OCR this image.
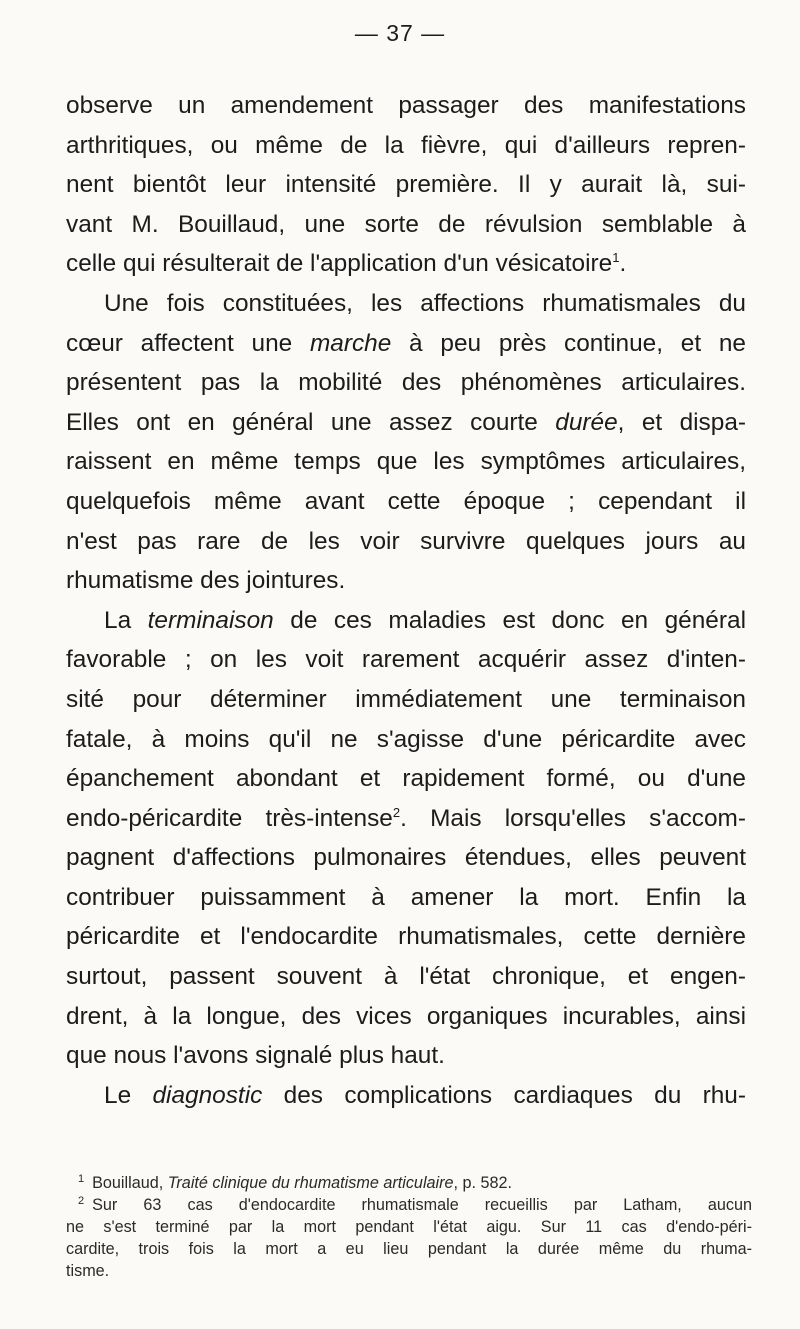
— 37 —
observe un amendement passager des manifestations
arthritiques, ou même de la fièvre, qui d'ailleurs repren-
nent bientôt leur intensité première. Il y aurait là, sui-
vant M. Bouillaud, une sorte de révulsion semblable à
celle qui résulterait de l'application d'un vésicatoire$^1$.
Une fois constituées, les affections rhumatismales du
cœur affectent une marche à peu près continue, et ne
présentent pas la mobilité des phénomènes articulaires.
Elles ont en général une assez courte durée, et dispa-
raissent en même temps que les symptômes articulaires,
quelquefois même avant cette époque ; cependant il
n'est pas rare de les voir survivre quelques jours au
rhumatisme des jointures.
La terminaison de ces maladies est donc en général
favorable ; on les voit rarement acquérir assez d'inten-
sité pour déterminer immédiatement une terminaison
fatale, à moins qu'il ne s'agisse d'une péricardite avec
épanchement abondant et rapidement formé, ou d'une
endo-péricardite très-intense$^2$. Mais lorsqu'elles s'accom-
pagnent d'affections pulmonaires étendues, elles peuvent
contribuer puissamment à amener la mort. Enfin la
péricardite et l'endocardite rhumatismales, cette dernière
surtout, passent souvent à l'état chronique, et engen-
drent, à la longue, des vices organiques incurables, ainsi
que nous l'avons signalé plus haut.
Le diagnostic des complications cardiaques du rhu-
$^1$ Bouillaud, Traité clinique du rhumatisme articulaire, p. 582.
$^2$ Sur 63 cas d'endocardite rhumatismale recueillis par Latham, aucun
ne s'est terminé par la mort pendant l'état aigu. Sur 11 cas d'endo-péri-
cardite, trois fois la mort a eu lieu pendant la durée même du rhuma-
tisme.
